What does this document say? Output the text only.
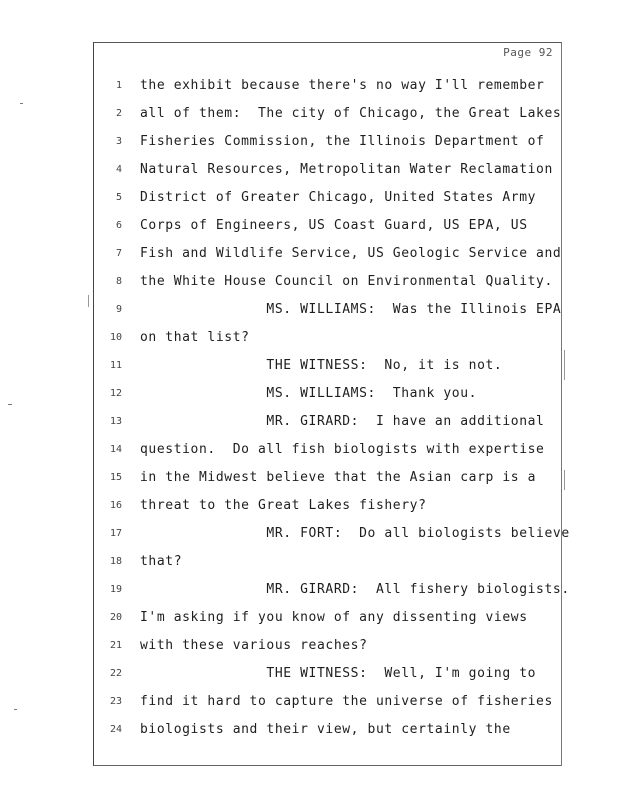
Page 92
1 the exhibit because there's no way I'll remember
2 all of them:  The city of Chicago, the Great Lakes
3 Fisheries Commission, the Illinois Department of
4 Natural Resources, Metropolitan Water Reclamation
5 District of Greater Chicago, United States Army
6 Corps of Engineers, US Coast Guard, US EPA, US
7 Fish and Wildlife Service, US Geologic Service and
8 the White House Council on Environmental Quality.
9 MS. WILLIAMS:  Was the Illinois EPA
10 on that list?
11 THE WITNESS:  No, it is not.
12 MS. WILLIAMS:  Thank you.
13 MR. GIRARD:  I have an additional
14 question.  Do all fish biologists with expertise
15 in the Midwest believe that the Asian carp is a
16 threat to the Great Lakes fishery?
17 MR. FORT:  Do all biologists believe
18 that?
19 MR. GIRARD:  All fishery biologists.
20 I'm asking if you know of any dissenting views
21 with these various reaches?
22 THE WITNESS:  Well, I'm going to
23 find it hard to capture the universe of fisheries
24 biologists and their view, but certainly the
